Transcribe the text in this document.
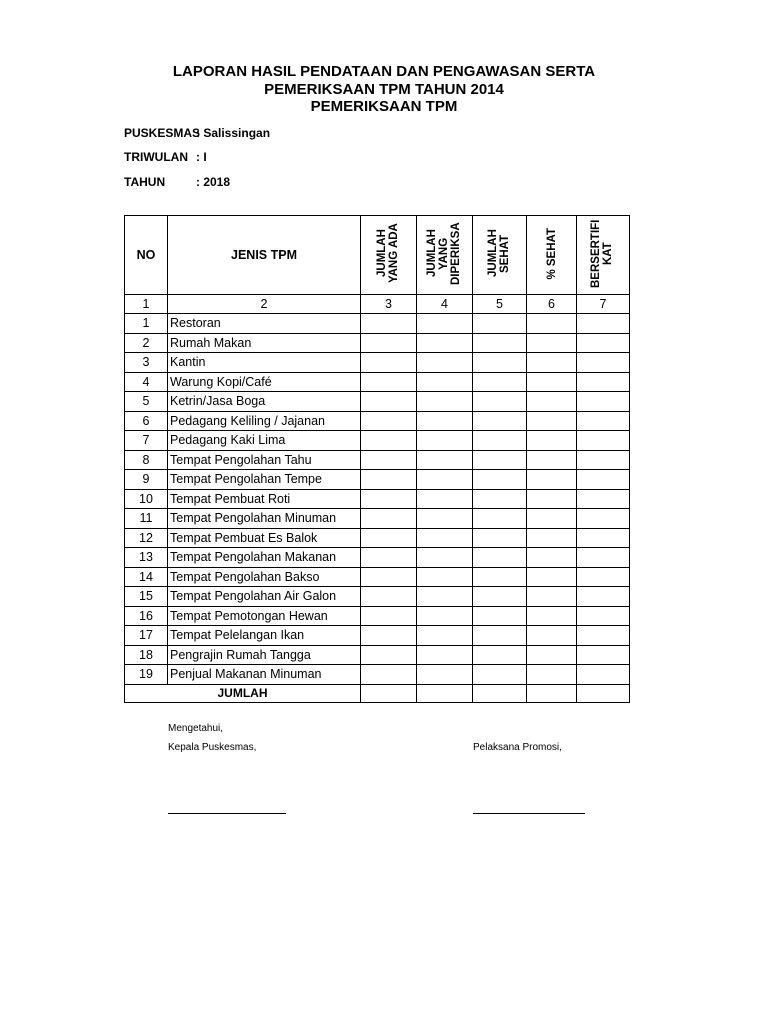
LAPORAN HASIL PENDATAAN DAN PENGAWASAN SERTA
PEMERIKSAAN TPM TAHUN 2014
PEMERIKSAAN TPM
PUSKESMAS: Salissingan
TRIWULAN : I
TAHUN	: 2018
NO	JENIS TPM	JUMLAH YANG ADA	JUMLAH YANG DIPERIKSA	JUMLAH SEHAT	% SEHAT	BERSERTIFI KAT
1	2	3	4	5	6	7
1	Restoran					
2	Rumah Makan					
3	Kantin					
4	Warung Kopi/Café					
5	Ketrin/Jasa Boga					
6	Pedagang Keliling / Jajanan					
7	Pedagang Kaki Lima					
8	Tempat Pengolahan Tahu					
9	Tempat Pengolahan Tempe					
10	Tempat Pembuat Roti					
11	Tempat Pengolahan Minuman					
12	Tempat Pembuat Es Balok					
13	Tempat Pengolahan Makanan					
14	Tempat Pengolahan Bakso					
15	Tempat Pengolahan Air Galon					
16	Tempat Pemotongan Hewan					
17	Tempat Pelelangan Ikan					
18	Pengrajin Rumah Tangga					
19	Penjual Makanan Minuman					
JUMLAH						
Mengetahui,
Kepala Puskesmas,	Pelaksana Promosi,
